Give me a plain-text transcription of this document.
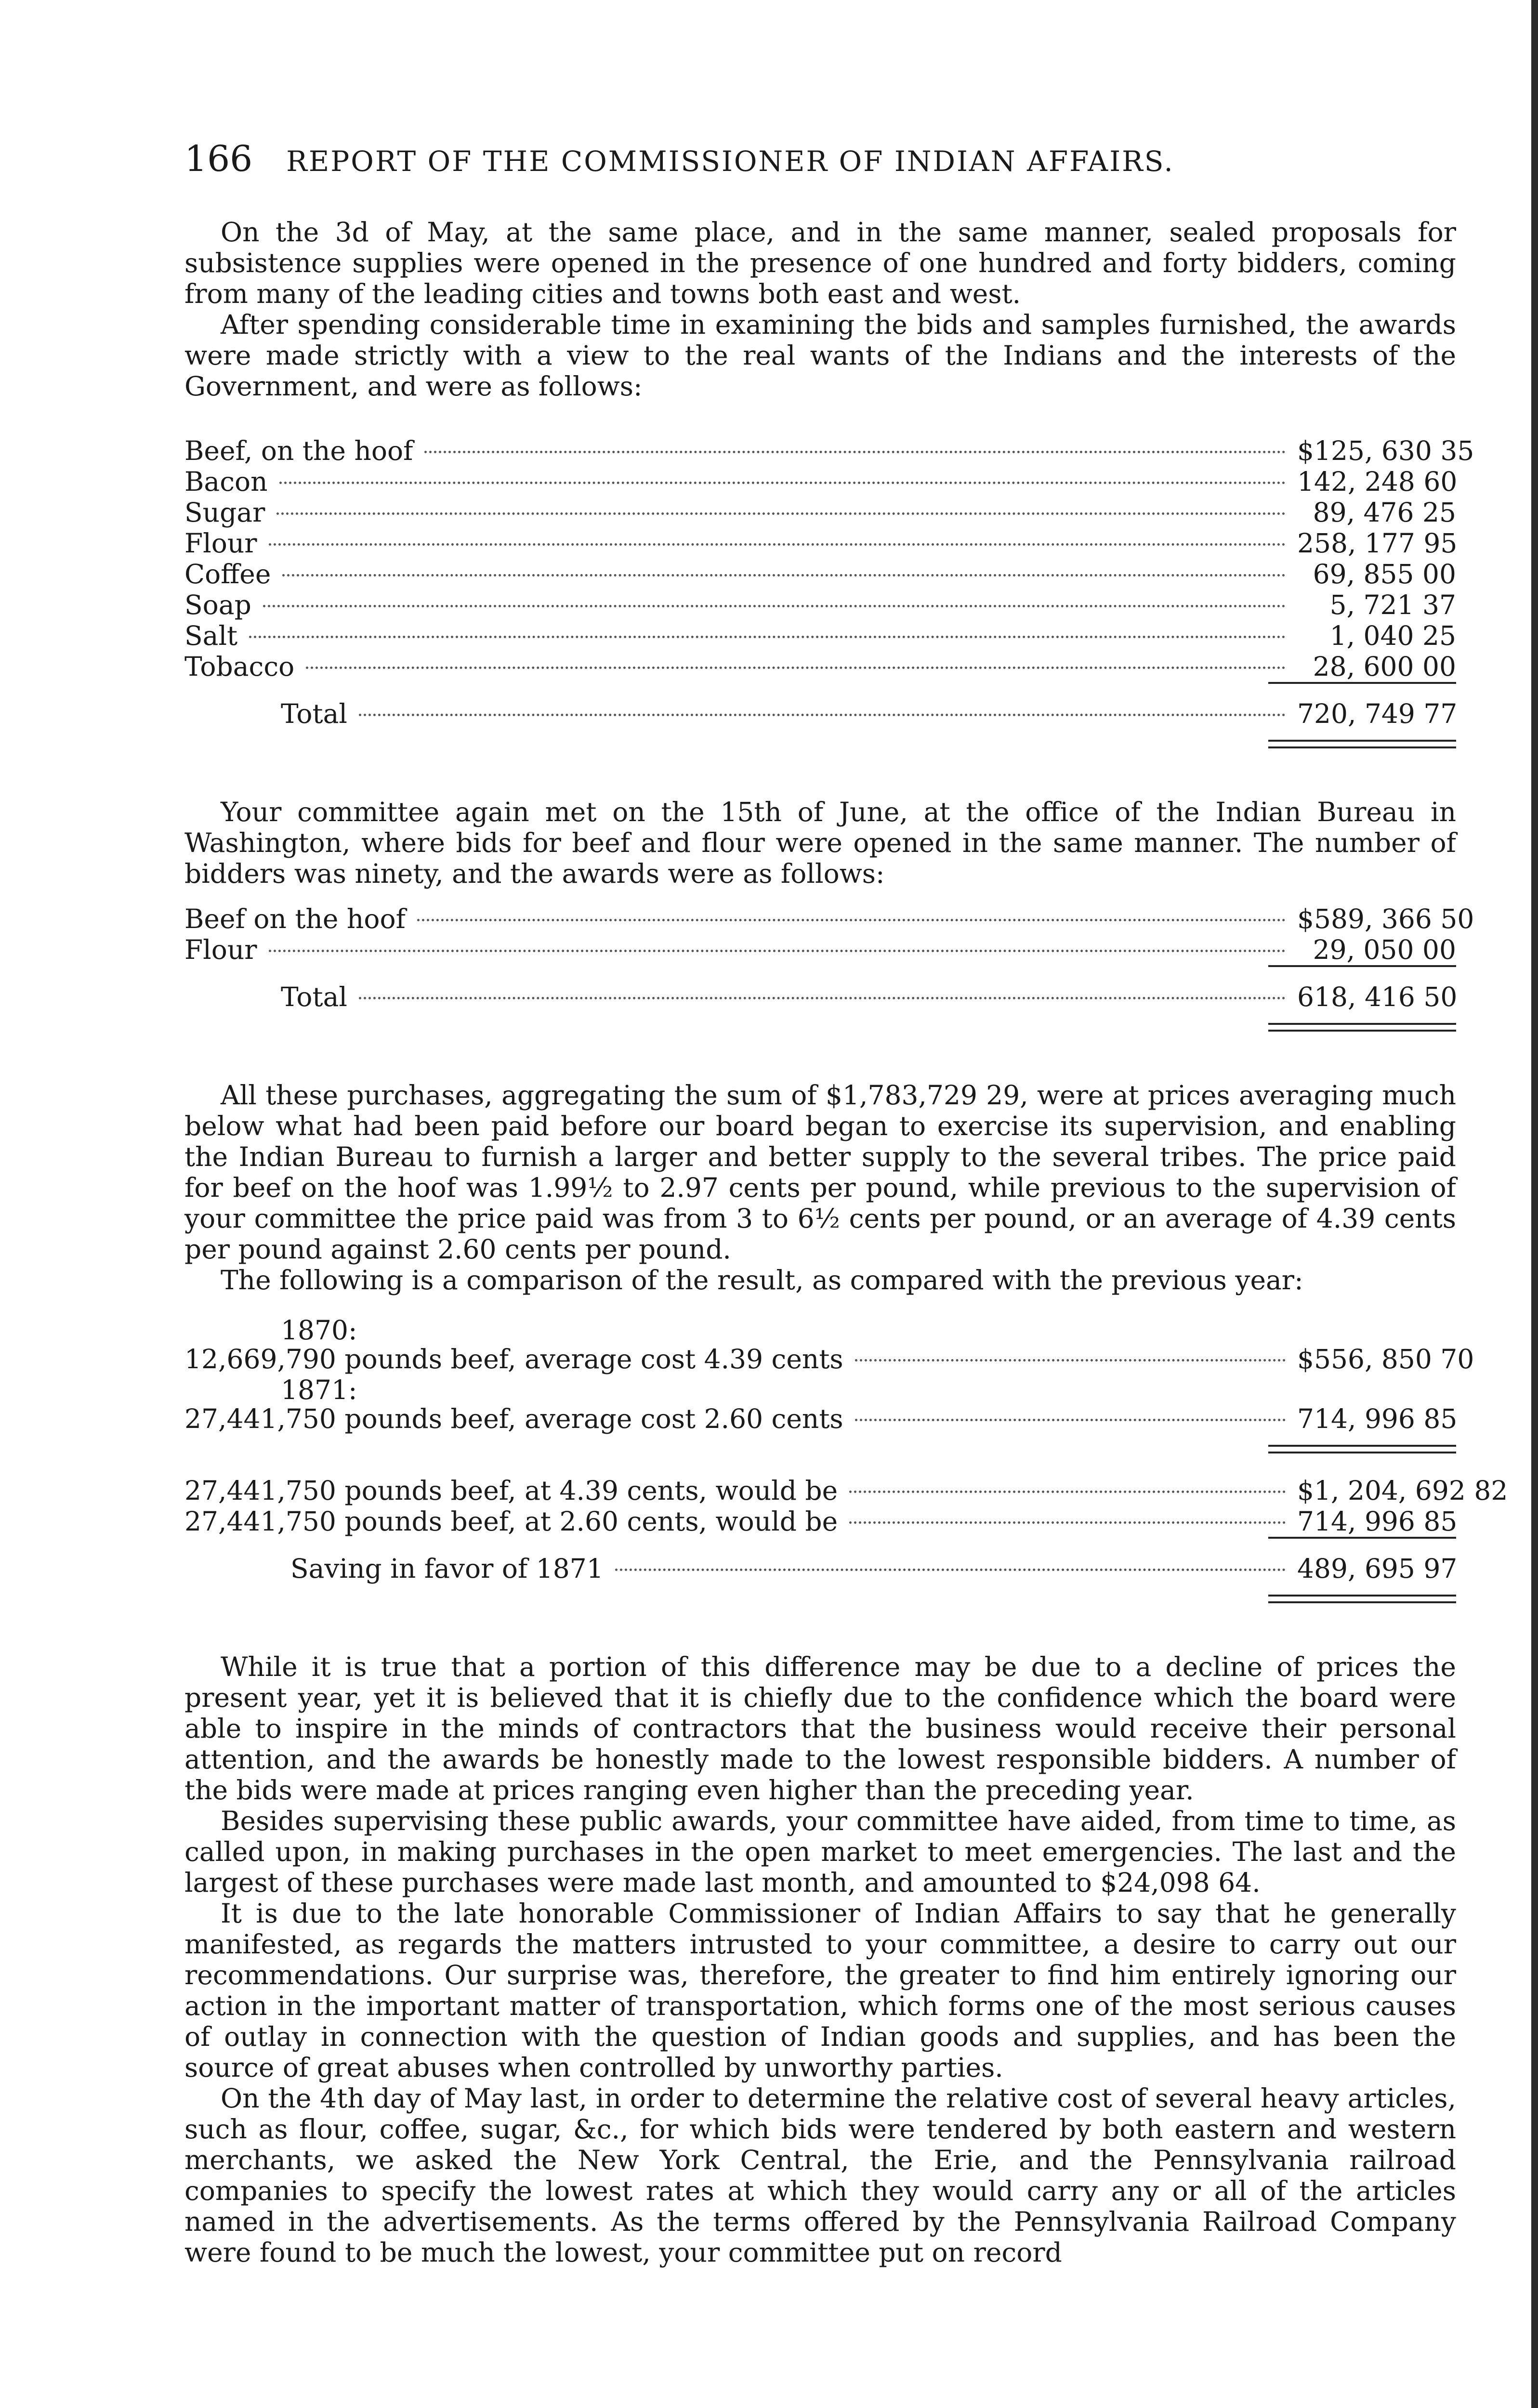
166 REPORT OF THE COMMISSIONER OF INDIAN AFFAIRS.

On the 3d of May, at the same place, and in the same manner, sealed proposals for subsistence supplies were opened in the presence of one hundred and forty bidders, coming from many of the leading cities and towns both east and west.

After spending considerable time in examining the bids and samples furnished, the awards were made strictly with a view to the real wants of the Indians and the interests of the Government, and were as follows:

Beef, on the hoof	$125, 630 35
Bacon	142, 248 60
Sugar	89, 476 25
Flour	258, 177 95
Coffee	69, 855 00
Soap	5, 721 37
Salt	1, 040 25
Tobacco	28, 600 00
Total	720, 749 77

Your committee again met on the 15th of June, at the office of the Indian Bureau in Washington, where bids for beef and flour were opened in the same manner. The number of bidders was ninety, and the awards were as follows:

Beef on the hoof	$589, 366 50
Flour	29, 050 00
Total	618, 416 50

All these purchases, aggregating the sum of $1,783,729 29, were at prices averaging much below what had been paid before our board began to exercise its supervision, and enabling the Indian Bureau to furnish a larger and better supply to the several tribes. The price paid for beef on the hoof was 1.99½ to 2.97 cents per pound, while previous to the supervision of your committee the price paid was from 3 to 6½ cents per pound, or an average of 4.39 cents per pound against 2.60 cents per pound.

The following is a comparison of the result, as compared with the previous year:

1870:
12,669,790 pounds beef, average cost 4.39 cents	$556, 850 70
1871:
27,441,750 pounds beef, average cost 2.60 cents	714, 996 85
27,441,750 pounds beef, at 4.39 cents, would be	$1, 204, 692 82
27,441,750 pounds beef, at 2.60 cents, would be	714, 996 85
Saving in favor of 1871	489, 695 97

While it is true that a portion of this difference may be due to a decline of prices the present year, yet it is believed that it is chiefly due to the confidence which the board were able to inspire in the minds of contractors that the business would receive their personal attention, and the awards be honestly made to the lowest responsible bidders. A number of the bids were made at prices ranging even higher than the preceding year.

Besides supervising these public awards, your committee have aided, from time to time, as called upon, in making purchases in the open market to meet emergencies. The last and the largest of these purchases were made last month, and amounted to $24,098 64.

It is due to the late honorable Commissioner of Indian Affairs to say that he generally manifested, as regards the matters intrusted to your committee, a desire to carry out our recommendations. Our surprise was, therefore, the greater to find him entirely ignoring our action in the important matter of transportation, which forms one of the most serious causes of outlay in connection with the question of Indian goods and supplies, and has been the source of great abuses when controlled by unworthy parties.

On the 4th day of May last, in order to determine the relative cost of several heavy articles, such as flour, coffee, sugar, &c., for which bids were tendered by both eastern and western merchants, we asked the New York Central, the Erie, and the Pennsylvania railroad companies to specify the lowest rates at which they would carry any or all of the articles named in the advertisements. As the terms offered by the Pennsylvania Railroad Company were found to be much the lowest, your committee put on record
